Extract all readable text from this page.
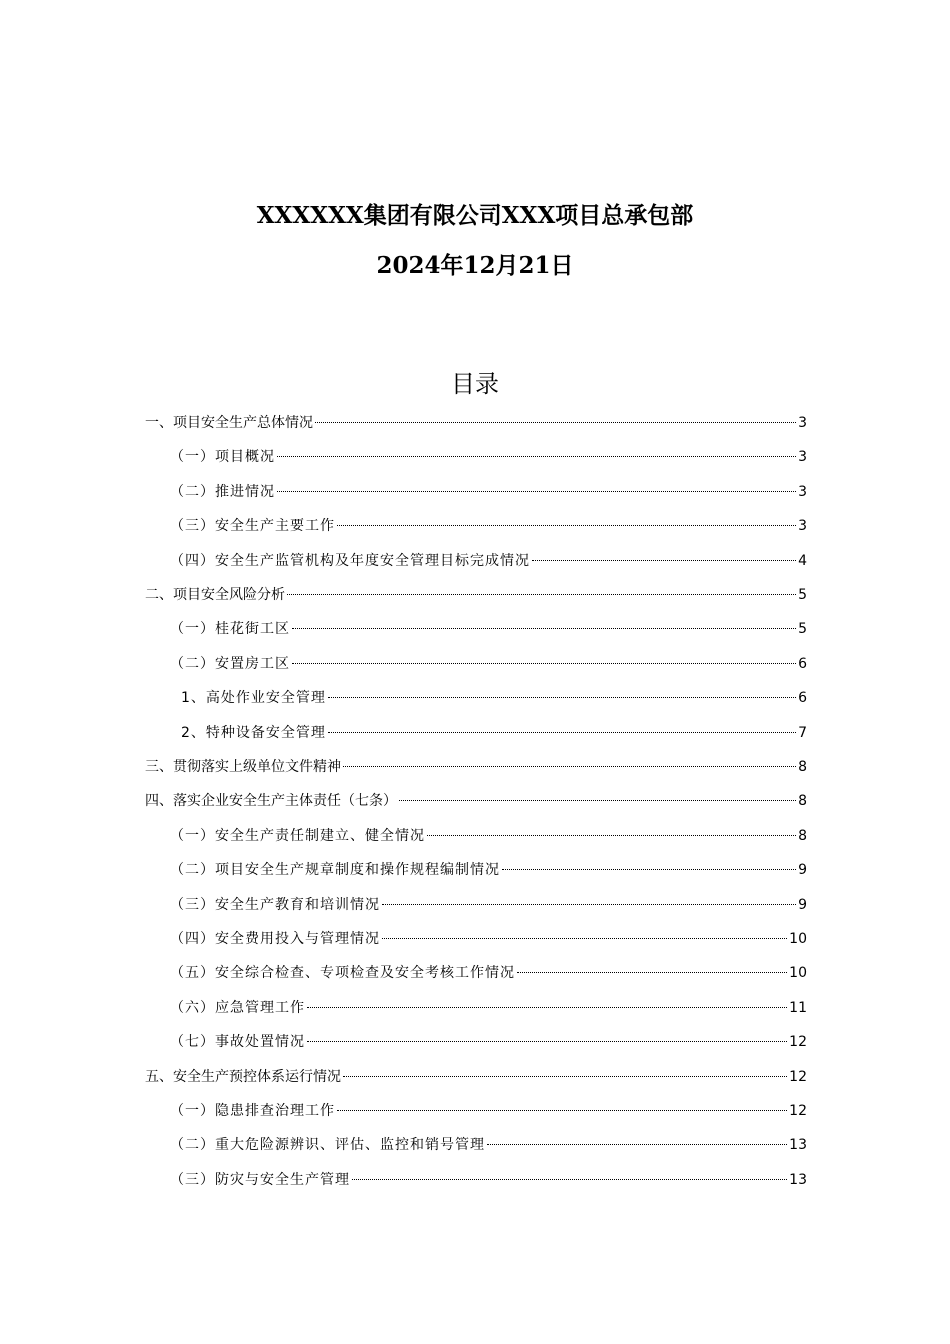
XXXXXX集团有限公司XXX项目总承包部
2024年12月21日
目录
一、项目安全生产总体情况	3
（一）项目概况	3
（二）推进情况	3
（三）安全生产主要工作	3
（四）安全生产监管机构及年度安全管理目标完成情况	4
二、项目安全风险分析	5
（一）桂花街工区	5
（二）安置房工区	6
1、高处作业安全管理	6
2、特种设备安全管理	7
三、贯彻落实上级单位文件精神	8
四、落实企业安全生产主体责任（七条）	8
（一）安全生产责任制建立、健全情况	8
（二）项目安全生产规章制度和操作规程编制情况	9
（三）安全生产教育和培训情况	9
（四）安全费用投入与管理情况	10
（五）安全综合检查、专项检查及安全考核工作情况	10
（六）应急管理工作	11
（七）事故处置情况	12
五、安全生产预控体系运行情况	12
（一）隐患排查治理工作	12
（二）重大危险源辨识、评估、监控和销号管理	13
（三）防灾与安全生产管理	13
